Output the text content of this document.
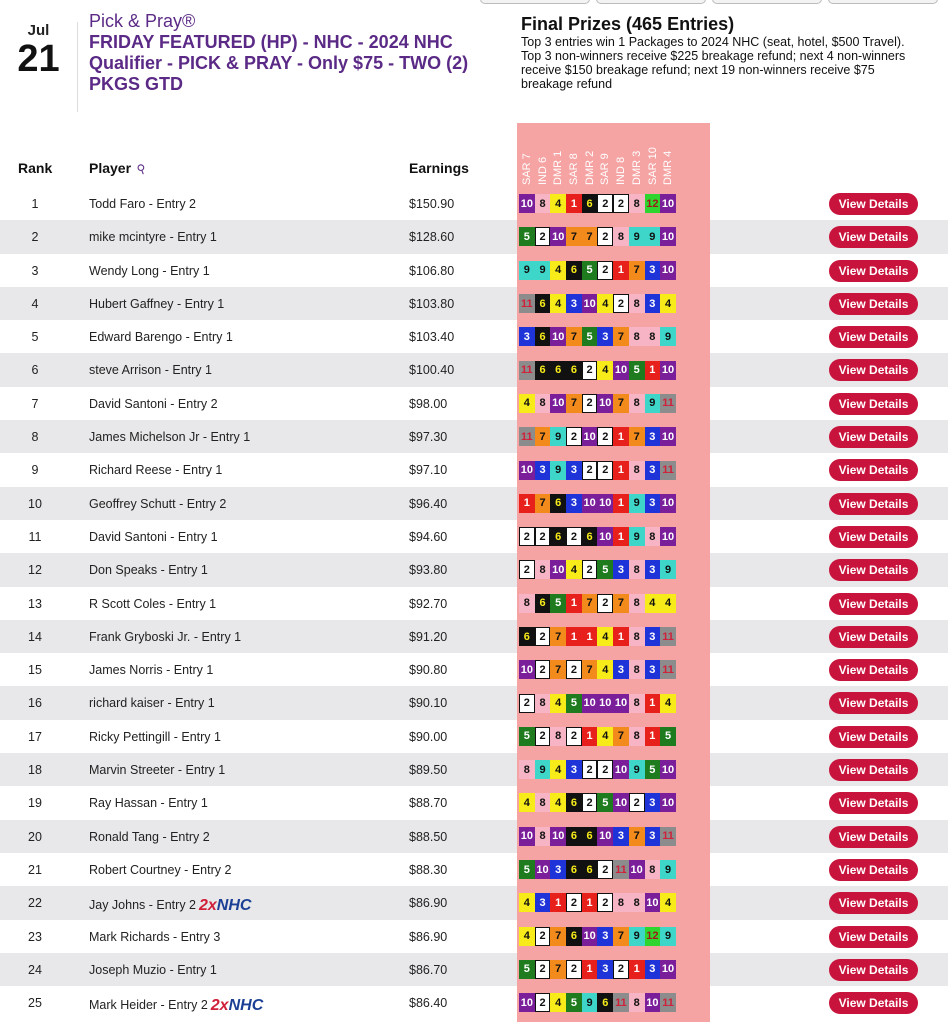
Jul
21
Pick & Pray®
FRIDAY FEATURED (HP) - NHC - 2024 NHC Qualifier - PICK & PRAY - Only $75 - TWO (2) PKGS GTD
Final Prizes (465 Entries)
Top 3 entries win 1 Packages to 2024 NHC (seat, hotel, $500 Travel). Top 3 non-winners receive $225 breakage refund; next 4 non-winners receive $150 breakage refund; next 19 non-winners receive $75 breakage refund
Rank	Player ⚲	Earnings	SAR 7 IND 6 DMR 1 SAR 8 DMR 2 SAR 9 IND 8 DMR 3 SAR 10 DMR 4
1	Todd Faro - Entry 2	$150.90	10 8 4 1 6 2 2 8 12 10	View Details
2	mike mcintyre - Entry 1	$128.60	5 2 10 7 7 2 8 9 9 10	View Details
3	Wendy Long - Entry 1	$106.80	9 9 4 6 5 2 1 7 3 10	View Details
4	Hubert Gaffney - Entry 1	$103.80	11 6 4 3 10 4 2 8 3 4	View Details
5	Edward Barengo - Entry 1	$103.40	3 6 10 7 5 3 7 8 8 9	View Details
6	steve Arrison - Entry 1	$100.40	11 6 6 6 2 4 10 5 1 10	View Details
7	David Santoni - Entry 2	$98.00	4 8 10 7 2 10 7 8 9 11	View Details
8	James Michelson Jr - Entry 1	$97.30	11 7 9 2 10 2 1 7 3 10	View Details
9	Richard Reese - Entry 1	$97.10	10 3 9 3 2 2 1 8 3 11	View Details
10	Geoffrey Schutt - Entry 2	$96.40	1 7 6 3 10 10 1 9 3 10	View Details
11	David Santoni - Entry 1	$94.60	2 2 6 2 6 10 1 9 8 10	View Details
12	Don Speaks - Entry 1	$93.80	2 8 10 4 2 5 3 8 3 9	View Details
13	R Scott Coles - Entry 1	$92.70	8 6 5 1 7 2 7 8 4 4	View Details
14	Frank Gryboski Jr. - Entry 1	$91.20	6 2 7 1 1 4 1 8 3 11	View Details
15	James Norris - Entry 1	$90.80	10 2 7 2 7 4 3 8 3 11	View Details
16	richard kaiser - Entry 1	$90.10	2 8 4 5 10 10 10 8 1 4	View Details
17	Ricky Pettingill - Entry 1	$90.00	5 2 8 2 1 4 7 8 1 5	View Details
18	Marvin Streeter - Entry 1	$89.50	8 9 4 3 2 2 10 9 5 10	View Details
19	Ray Hassan - Entry 1	$88.70	4 8 4 6 2 5 10 2 3 10	View Details
20	Ronald Tang - Entry 2	$88.50	10 8 10 6 6 10 3 7 3 11	View Details
21	Robert Courtney - Entry 2	$88.30	5 10 3 6 6 2 11 10 8 9	View Details
22	Jay Johns - Entry 2 2xNHC	$86.90	4 3 1 2 1 2 8 8 10 4	View Details
23	Mark Richards - Entry 3	$86.90	4 2 7 6 10 3 7 9 12 9	View Details
24	Joseph Muzio - Entry 1	$86.70	5 2 7 2 1 3 2 1 3 10	View Details
25	Mark Heider - Entry 2 2xNHC	$86.40	10 2 4 5 9 6 11 8 10 11	View Details
